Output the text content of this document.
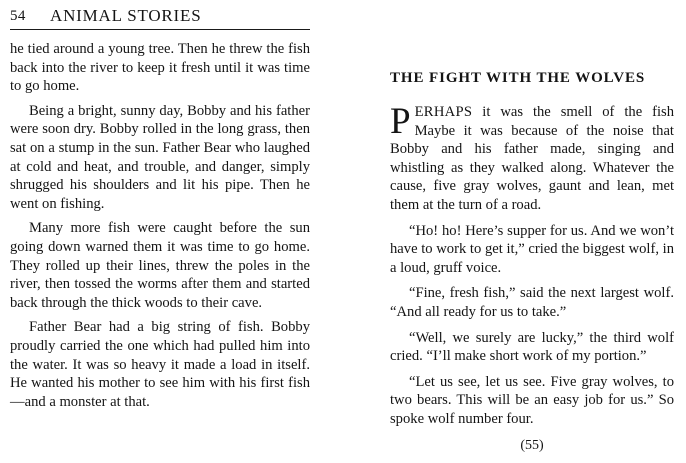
54 ANIMAL STORIES

he tied around a young tree. Then he threw the fish back into the river to keep it fresh until it was time to go home.

Being a bright, sunny day, Bobby and his father were soon dry. Bobby rolled in the long grass, then sat on a stump in the sun. Father Bear who laughed at cold and heat, and trouble, and danger, simply shrugged his shoulders and lit his pipe. Then he went on fishing.

Many more fish were caught before the sun going down warned them it was time to go home. They rolled up their lines, threw the poles in the river, then tossed the worms after them and started back through the thick woods to their cave.

Father Bear had a big string of fish. Bobby proudly carried the one which had pulled him into the water. It was so heavy it made a load in itself. He wanted his mother to see him with his first fish—and a monster at that.

THE FIGHT WITH THE WOLVES

PERHAPS it was the smell of the fish Maybe it was because of the noise that Bobby and his father made, singing and whistling as they walked along. Whatever the cause, five gray wolves, gaunt and lean, met them at the turn of a road.

“Ho! ho! Here’s supper for us. And we won’t have to work to get it,” cried the biggest wolf, in a loud, gruff voice.

“Fine, fresh fish,” said the next largest wolf. “And all ready for us to take.”

“Well, we surely are lucky,” the third wolf cried. “I’ll make short work of my portion.”

“Let us see, let us see. Five gray wolves, to two bears. This will be an easy job for us.” So spoke wolf number four.

(55)
